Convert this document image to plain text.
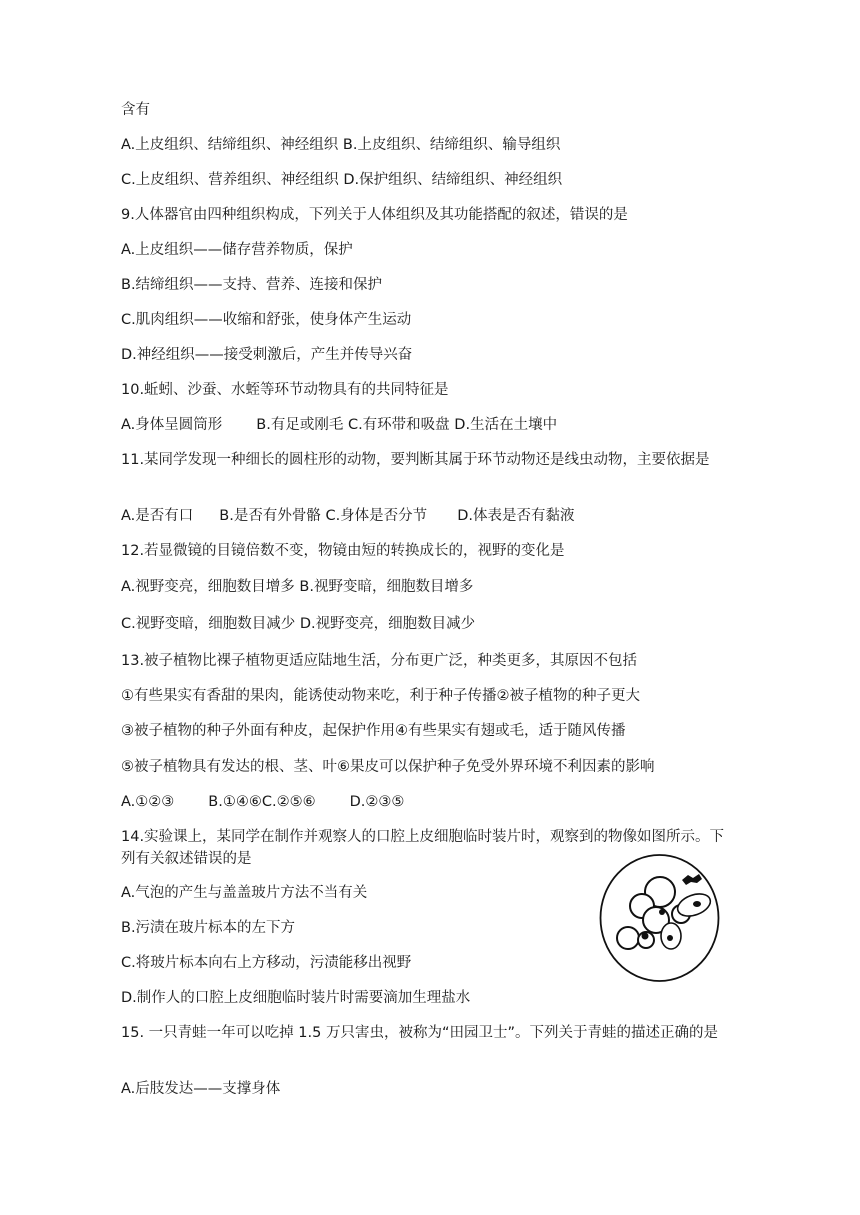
含有

A.上皮组织、结缔组织、神经组织 B.上皮组织、结缔组织、输导组织

C.上皮组织、营养组织、神经组织 D.保护组织、结缔组织、神经组织

9.人体器官由四种组织构成，下列关于人体组织及其功能搭配的叙述，错误的是

A.上皮组织——储存营养物质，保护

B.结缔组织——支持、营养、连接和保护

C.肌肉组织——收缩和舒张，使身体产生运动

D.神经组织——接受刺激后，产生并传导兴奋

10.蚯蚓、沙蚕、水蛭等环节动物具有的共同特征是

A.身体呈圆筒形 B.有足或刚毛 C.有环带和吸盘 D.生活在土壤中

11.某同学发现一种细长的圆柱形的动物，要判断其属于环节动物还是线虫动物，主要依据是

A.是否有口 B.是否有外骨骼 C.身体是否分节 D.体表是否有黏液

12.若显微镜的目镜倍数不变，物镜由短的转换成长的，视野的变化是

A.视野变亮，细胞数目增多 B.视野变暗，细胞数目增多

C.视野变暗，细胞数目减少 D.视野变亮，细胞数目减少

13.被子植物比裸子植物更适应陆地生活，分布更广泛，种类更多，其原因不包括

①有些果实有香甜的果肉，能诱使动物来吃，利于种子传播②被子植物的种子更大

③被子植物的种子外面有种皮，起保护作用④有些果实有翅或毛，适于随风传播

⑤被子植物具有发达的根、茎、叶⑥果皮可以保护种子免受外界环境不利因素的影响

A.①②③ B.①④⑥C.②⑤⑥ D.②③⑤

14.实验课上，某同学在制作并观察人的口腔上皮细胞临时装片时，观察到的物像如图所示。下列有关叙述错误的是

A.气泡的产生与盖盖玻片方法不当有关

B.污渍在玻片标本的左下方

C.将玻片标本向右上方移动，污渍能移出视野

D.制作人的口腔上皮细胞临时装片时需要滴加生理盐水

15. 一只青蛙一年可以吃掉 1.5 万只害虫，被称为“田园卫士”。下列关于青蛙的描述正确的是

A.后肢发达——支撑身体
